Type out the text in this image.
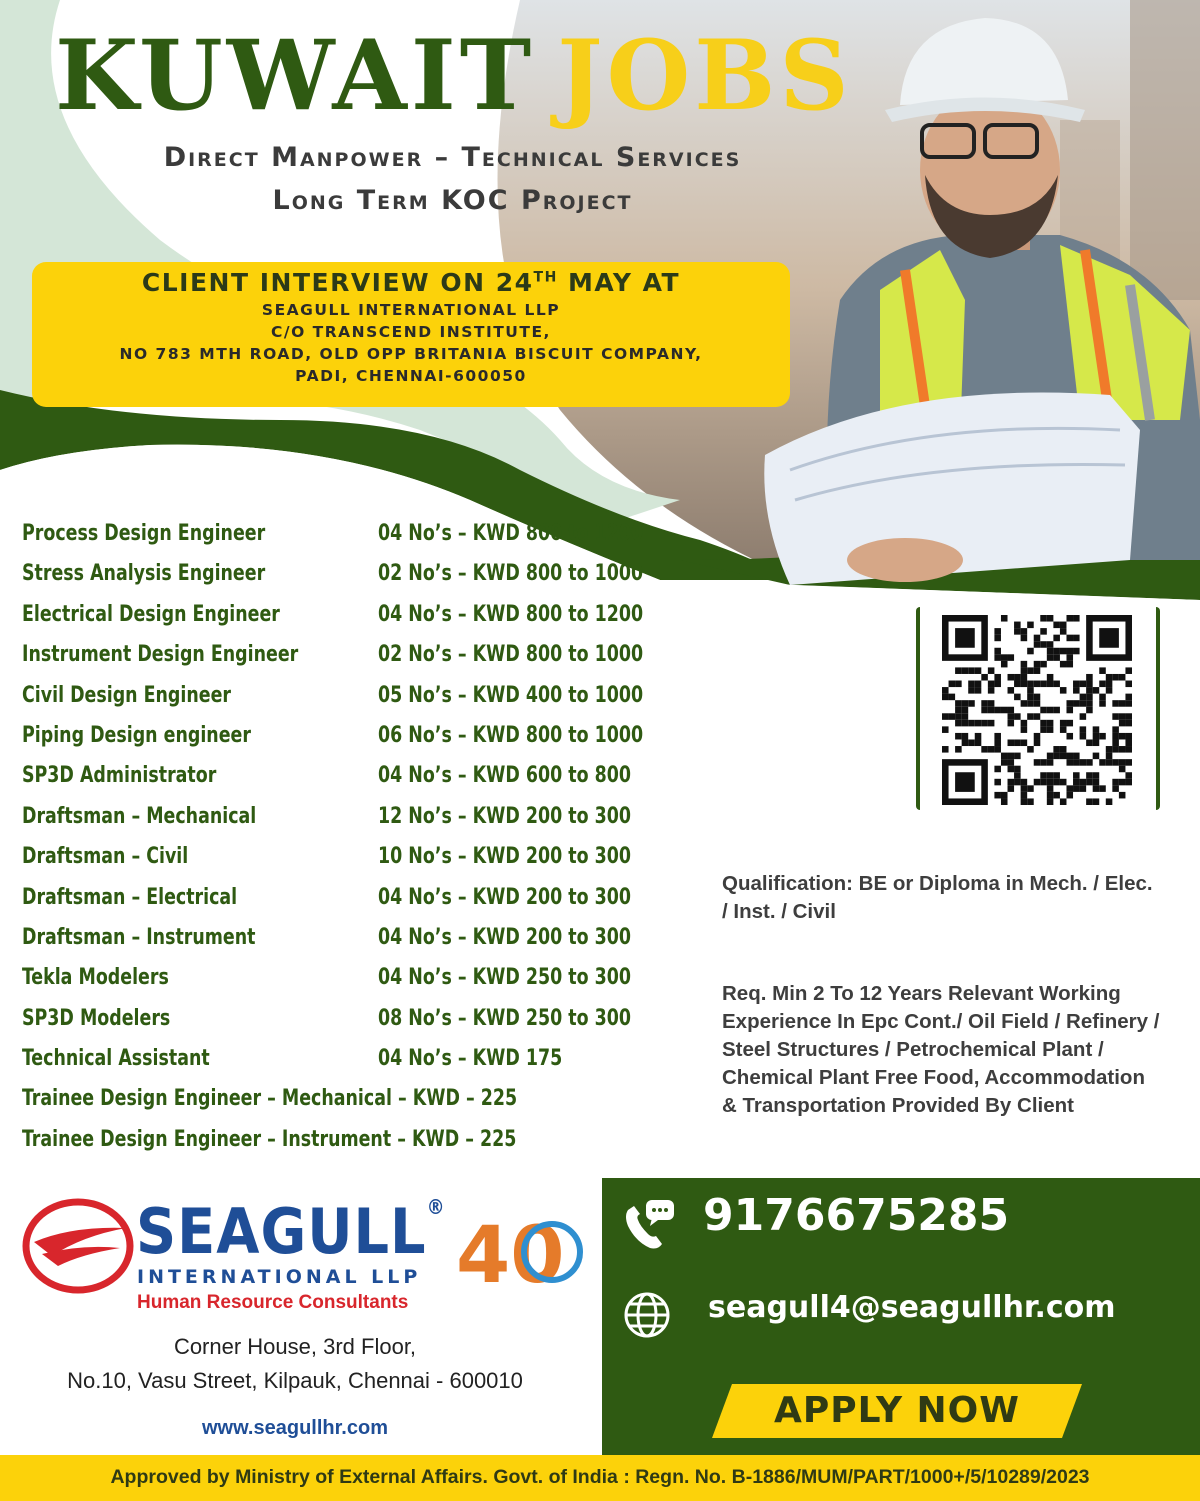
KUWAIT JOBS
Direct Manpower – Technical Services
Long Term KOC Project
CLIENT INTERVIEW ON 24TH MAY AT
SEAGULL INTERNATIONAL LLP
C/O TRANSCEND INSTITUTE,
NO 783 MTH ROAD, OLD OPP BRITANIA BISCUIT COMPANY,
PADI, CHENNAI-600050
Process Design Engineer	04 No’s – KWD 800 to 1200
Stress Analysis Engineer	02 No’s – KWD 800 to 1000
Electrical Design Engineer	04 No’s – KWD 800 to 1200
Instrument Design Engineer	02 No’s – KWD 800 to 1000
Civil Design Engineer	05 No’s – KWD 400 to 1000
Piping Design engineer	06 No’s – KWD 800 to 1000
SP3D Administrator	04 No’s – KWD 600 to 800
Draftsman – Mechanical	12 No’s – KWD 200 to 300
Draftsman – Civil	10 No’s – KWD 200 to 300
Draftsman – Electrical	04 No’s – KWD 200 to 300
Draftsman – Instrument	04 No’s – KWD 200 to 300
Tekla Modelers	04 No’s – KWD 250 to 300
SP3D Modelers	08 No’s – KWD 250 to 300
Technical Assistant	04 No’s – KWD 175
Trainee Design Engineer – Mechanical – KWD – 225
Trainee Design Engineer – Instrument – KWD – 225
Qualification: BE or Diploma in Mech. / Elec. / Inst. / Civil
Req. Min 2 To 12 Years Relevant Working Experience In Epc Cont./ Oil Field / Refinery / Steel Structures / Petrochemical Plant / Chemical Plant Free Food, Accommodation & Transportation Provided By Client
SEAGULL®
INTERNATIONAL LLP
Human Resource Consultants
40
Corner House, 3rd Floor,
No.10, Vasu Street, Kilpauk, Chennai - 600010
www.seagullhr.com
9176675285
seagull4@seagullhr.com
APPLY NOW
Approved by Ministry of External Affairs. Govt. of India : Regn. No. B-1886/MUM/PART/1000+/5/10289/2023
